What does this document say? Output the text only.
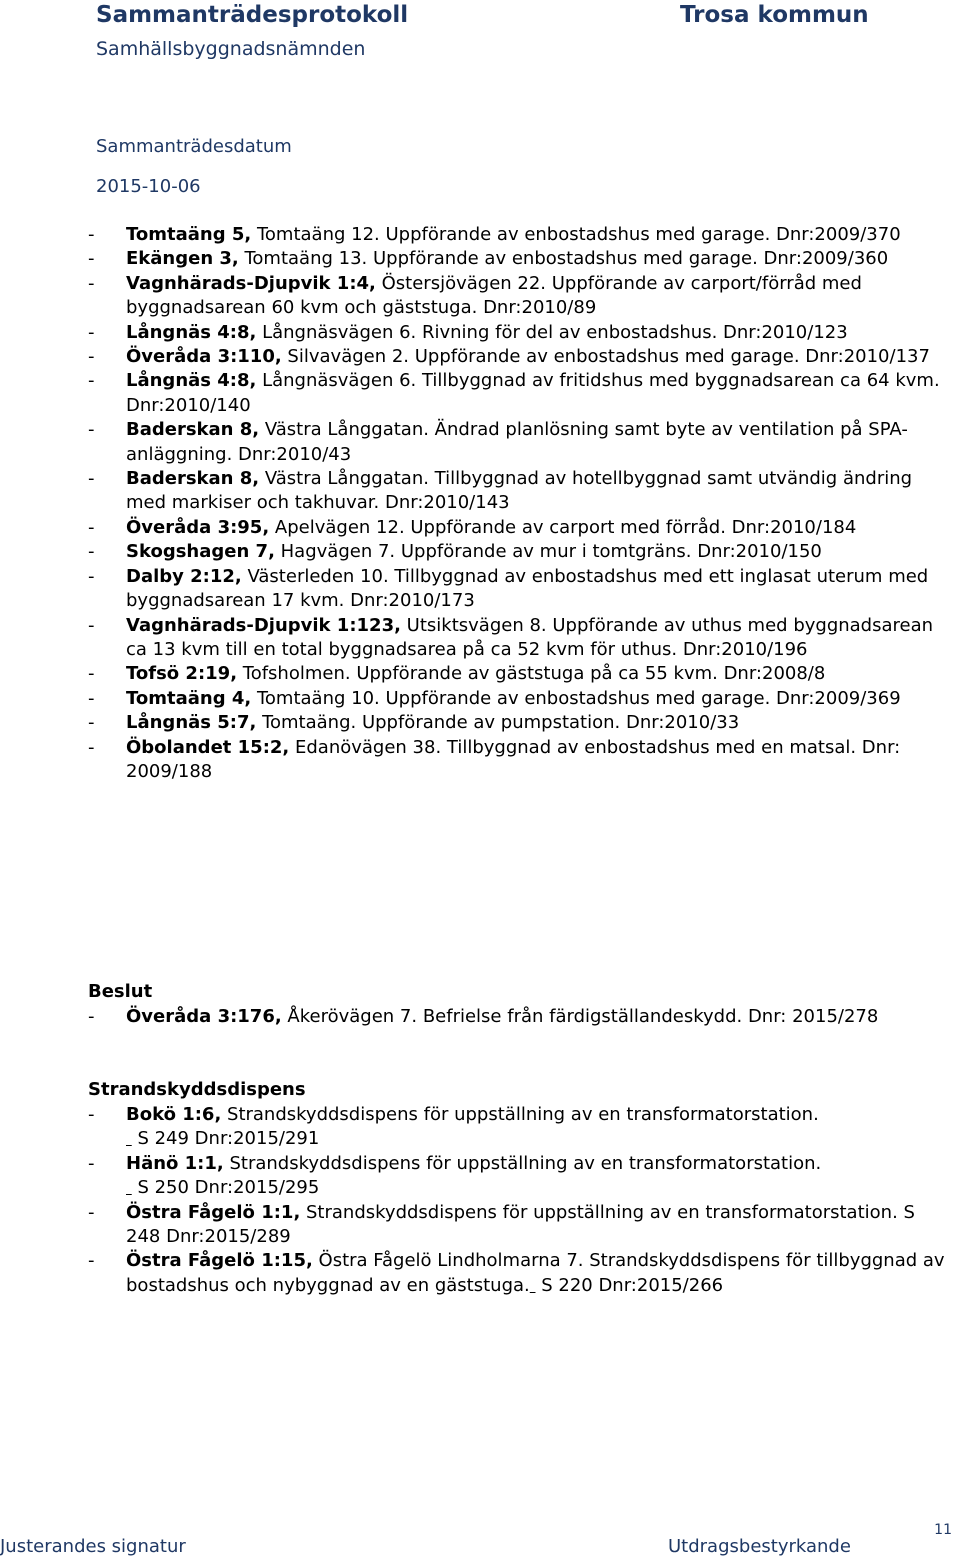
Sammanträdesprotokoll	Trosa kommun
Samhällsbyggnadsnämnden
Sammanträdesdatum
2015-10-06
- Tomtaäng 5, Tomtaäng 12. Uppförande av enbostadshus med garage. Dnr:2009/370
- Ekängen 3, Tomtaäng 13. Uppförande av enbostadshus med garage. Dnr:2009/360
- Vagnhärads-Djupvik 1:4, Östersjövägen 22. Uppförande av carport/förråd med byggnadsarean 60 kvm och gäststuga. Dnr:2010/89
- Långnäs 4:8, Långnäsvägen 6. Rivning för del av enbostadshus. Dnr:2010/123
- Överåda 3:110, Silvavägen 2. Uppförande av enbostadshus med garage. Dnr:2010/137
- Långnäs 4:8, Långnäsvägen 6. Tillbyggnad av fritidshus med byggnadsarean ca 64 kvm. Dnr:2010/140
- Baderskan 8, Västra Långgatan. Ändrad planlösning samt byte av ventilation på SPA-anläggning. Dnr:2010/43
- Baderskan 8, Västra Långgatan. Tillbyggnad av hotellbyggnad samt utvändig ändring med markiser och takhuvar. Dnr:2010/143
- Överåda 3:95, Apelvägen 12. Uppförande av carport med förråd. Dnr:2010/184
- Skogshagen 7, Hagvägen 7. Uppförande av mur i tomtgräns. Dnr:2010/150
- Dalby 2:12, Västerleden 10. Tillbyggnad av enbostadshus med ett inglasat uterum med byggnadsarean 17 kvm. Dnr:2010/173
- Vagnhärads-Djupvik 1:123, Utsiktsvägen 8. Uppförande av uthus med byggnadsarean ca 13 kvm till en total byggnadsarea på ca 52 kvm för uthus. Dnr:2010/196
- Tofsö 2:19, Tofsholmen. Uppförande av gäststuga på ca 55 kvm. Dnr:2008/8
- Tomtaäng 4, Tomtaäng 10. Uppförande av enbostadshus med garage. Dnr:2009/369
- Långnäs 5:7, Tomtaäng. Uppförande av pumpstation. Dnr:2010/33
- Öbolandet 15:2, Edanövägen 38. Tillbyggnad av enbostadshus med en matsal. Dnr: 2009/188
Beslut
- Överåda 3:176, Åkerövägen 7. Befrielse från färdigställandeskydd. Dnr: 2015/278
Strandskyddsdispens
- Bokö 1:6, Strandskyddsdispens för uppställning av en transformatorstation.
S 249 Dnr:2015/291
- Hänö 1:1, Strandskyddsdispens för uppställning av en transformatorstation.
S 250 Dnr:2015/295
- Östra Fågelö 1:1, Strandskyddsdispens för uppställning av en transformatorstation. S 248 Dnr:2015/289
- Östra Fågelö 1:15, Östra Fågelö Lindholmarna 7. Strandskyddsdispens för tillbyggnad av bostadshus och nybyggnad av en gäststuga.  S 220 Dnr:2015/266
Justerandes signatur	Utdragsbestyrkande
11
